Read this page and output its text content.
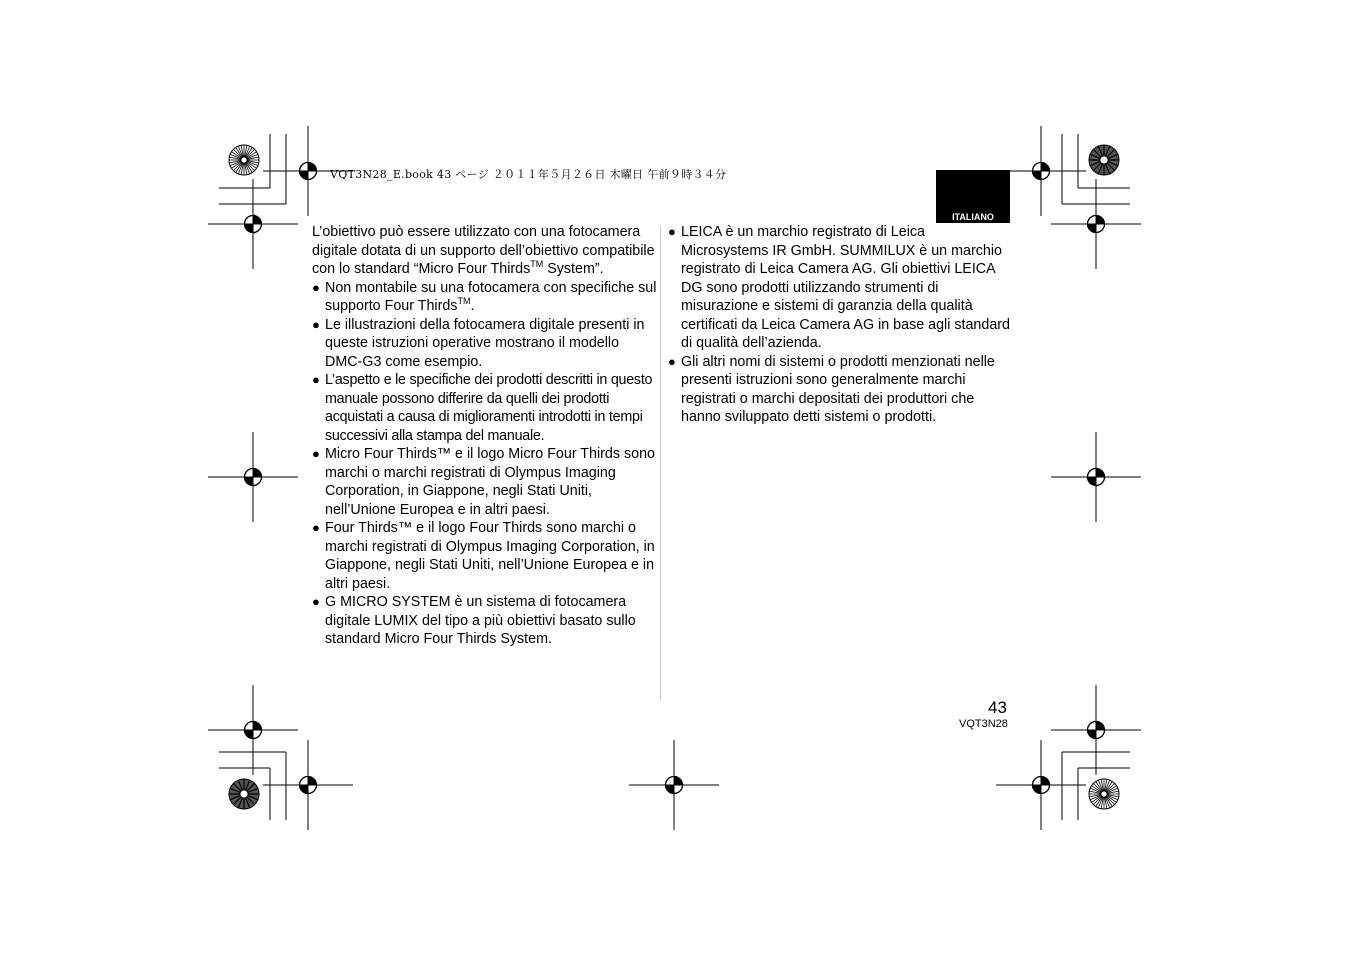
VQT3N28_E.book 43 ページ ２０１１年５月２６日 木曜日 午前９時３４分
ITALIANO

L’obiettivo può essere utilizzato con una fotocamera digitale dotata di un supporto dell’obiettivo compatibile con lo standard “Micro Four Thirds™ System”.

● Non montabile su una fotocamera con specifiche sul supporto Four Thirds™.
● Le illustrazioni della fotocamera digitale presenti in queste istruzioni operative mostrano il modello DMC-G3 come esempio.
● L’aspetto e le specifiche dei prodotti descritti in questo manuale possono differire da quelli dei prodotti acquistati a causa di miglioramenti introdotti in tempi successivi alla stampa del manuale.
● Micro Four Thirds™ e il logo Micro Four Thirds sono marchi o marchi registrati di Olympus Imaging Corporation, in Giappone, negli Stati Uniti, nell’Unione Europea e in altri paesi.
● Four Thirds™ e il logo Four Thirds sono marchi o marchi registrati di Olympus Imaging Corporation, in Giappone, negli Stati Uniti, nell’Unione Europea e in altri paesi.
● G MICRO SYSTEM è un sistema di fotocamera digitale LUMIX del tipo a più obiettivi basato sullo standard Micro Four Thirds System.
● LEICA è un marchio registrato di Leica Microsystems IR GmbH. SUMMILUX è un marchio registrato di Leica Camera AG. Gli obiettivi LEICA DG sono prodotti utilizzando strumenti di misurazione e sistemi di garanzia della qualità certificati da Leica Camera AG in base agli standard di qualità dell’azienda.
● Gli altri nomi di sistemi o prodotti menzionati nelle presenti istruzioni sono generalmente marchi registrati o marchi depositati dei produttori che hanno sviluppato detti sistemi o prodotti.
43
VQT3N28
